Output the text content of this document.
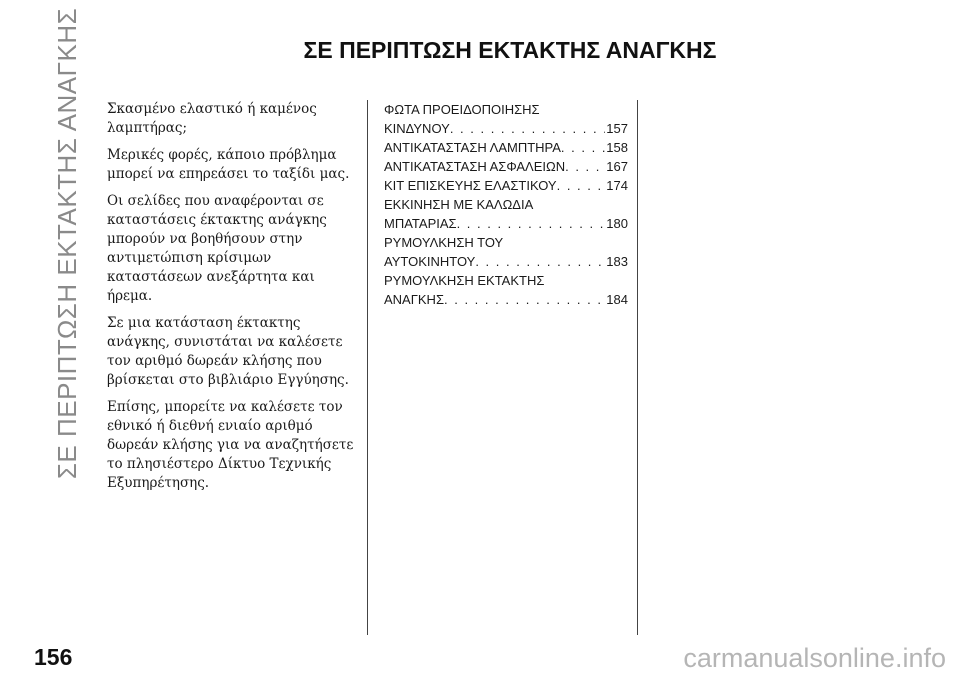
ΣΕ ΠΕΡΙΠΤΩΣΗ ΕΚΤΑΚΤΗΣ ΑΝΑΓΚΗΣ	ΣΕ ΠΕΡΙΠΤΩΣΗ ΕΚΤΑΚΤΗΣ ΑΝΑΓΚΗΣ

Σκασμένο ελαστικό ή καμένος λαμπτήρας;

Μερικές φορές, κάποιο πρόβλημα μπορεί να επηρεάσει το ταξίδι μας.

Οι σελίδες που αναφέρονται σε καταστάσεις έκτακτης ανάγκης μπορούν να βοηθήσουν στην αντιμετώπιση κρίσιμων καταστάσεων ανεξάρτητα και ήρεμα.

Σε μια κατάσταση έκτακτης ανάγκης, συνιστάται να καλέσετε τον αριθμό δωρεάν κλήσης που βρίσκεται στο βιβλιάριο Εγγύησης.

Επίσης, μπορείτε να καλέσετε τον εθνικό ή διεθνή ενιαίο αριθμό δωρεάν κλήσης για να αναζητήσετε το πλησιέστερο Δίκτυο Τεχνικής Εξυπηρέτησης.

ΦΩΤΑ ΠΡΟΕΙΔΟΠΟΙΗΣΗΣ
ΚΙΝΔΥΝΟΥ . . .	157
ΑΝΤΙΚΑΤΑΣΤΑΣΗ ΛΑΜΠΤΗΡΑ . . .	158
ΑΝΤΙΚΑΤΑΣΤΑΣΗ ΑΣΦΑΛΕΙΩΝ . . .	167
ΚΙΤ ΕΠΙΣΚΕΥΗΣ ΕΛΑΣΤΙΚΟΥ . . .	174
ΕΚΚΙΝΗΣΗ ΜΕ ΚΑΛΩΔΙΑ
ΜΠΑΤΑΡΙΑΣ . . .	180
ΡΥΜΟΥΛΚΗΣΗ ΤΟΥ
ΑΥΤΟΚΙΝΗΤΟΥ . . .	183
ΡΥΜΟΥΛΚΗΣΗ ΕΚΤΑΚΤΗΣ
ΑΝΑΓΚΗΣ . . .	184
156	carmanualsonline.info
